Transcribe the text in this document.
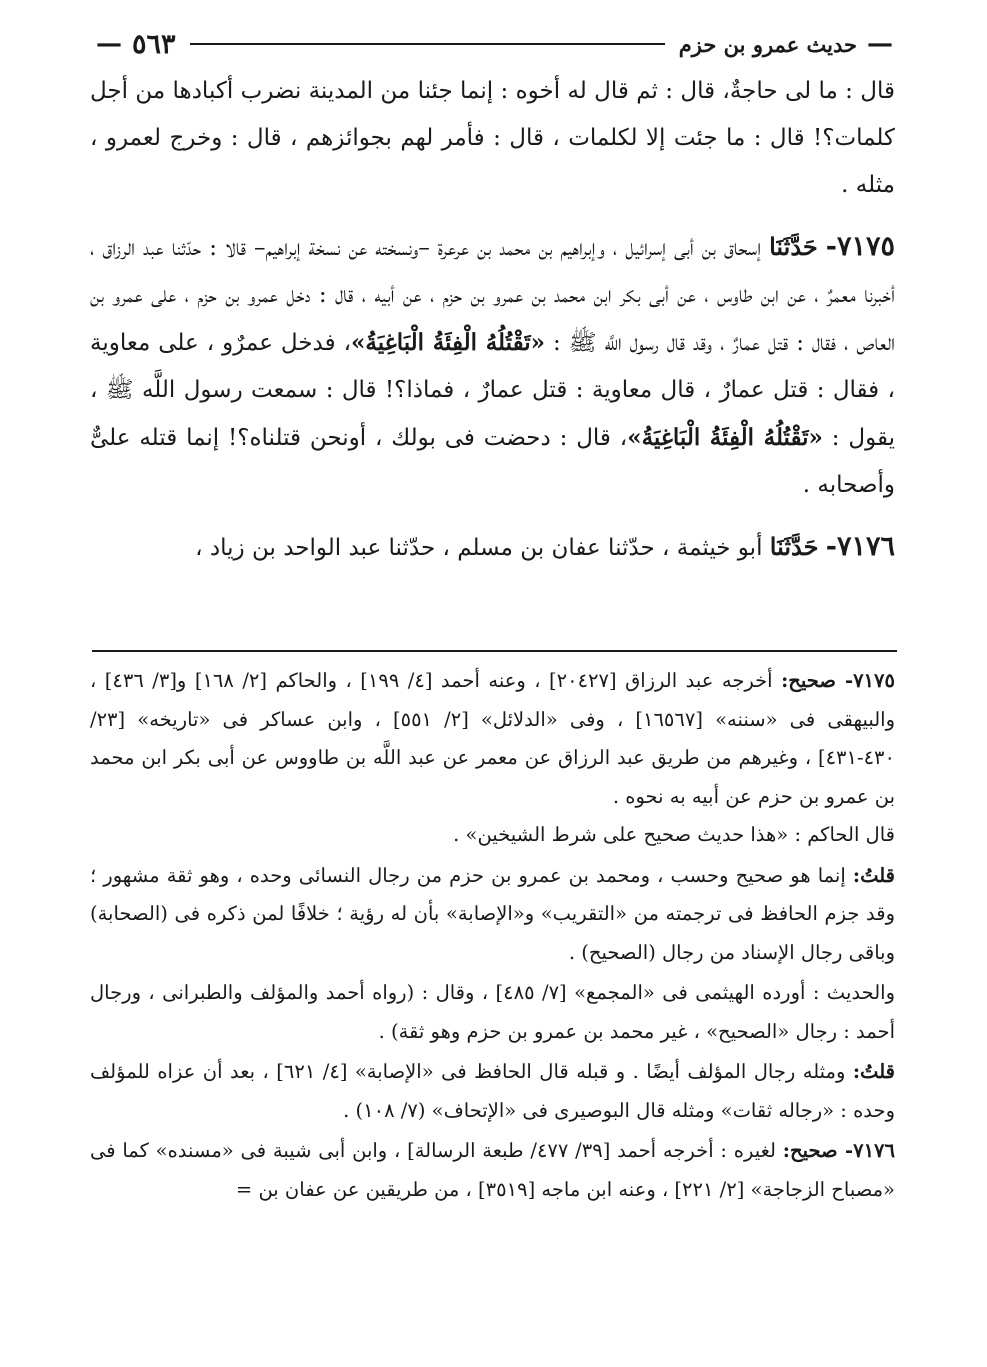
—
حديث عمرو بن حزم
٥٦٣
—

قال : ما لى حاجةٌ، قال : ثم قال له أخوه : إنما جئنا من المدينة نضرب أكبادها من أجل كلمات؟! قال : ما جئت إلا لكلمات ، قال : فأمر لهم بجوائزهم ، قال : وخرج لعمرو ، مثله .

٧١٧٥- حَدَّثَنَا إسحاق بن أبى إسرائيل ، وإبراهيم بن محمد بن عرعرة –ونسخته عن نسخة إبراهيم– قالا : حدّثنا عبد الرزاق ، أخبرنا معمرٌ ، عن ابن طاوس ، عن أبى بكر ابن محمد بن عمرو بن حزم ، عن أبيه ، قال : دخل عمرو بن حزم ، على عمرو بن العاص ، فقال : قتل عمارٌ ، وقد قال رسول اللَّه ﷺ : «تَقْتُلُهُ الْفِئَةُ الْبَاغِيَةُ»، فدخل عمرٌو ، على معاوية ، فقال : قتل عمارٌ ، قال معاوية : قتل عمارٌ ، فماذا؟! قال : سمعت رسول اللَّه ﷺ ، يقول : «تَقْتُلُهُ الْفِئَةُ الْبَاغِيَةُ»، قال : دحضت فى بولك ، أونحن قتلناه؟! إنما قتله علىٌّ وأصحابه .

٧١٧٦- حَدَّثَنَا أبو خيثمة ، حدّثنا عفان بن مسلم ، حدّثنا عبد الواحد بن زياد ،

٧١٧٥- صحيح: أخرجه عبد الرزاق [٢٠٤٢٧] ، وعنه أحمد [٤/ ١٩٩] ، والحاكم [٢/ ١٦٨] و[٣/ ٤٣٦] ، والبيهقى فى «سننه» [١٦٥٦٧] ، وفى «الدلائل» [٢/ ٥٥١] ، وابن عساكر فى «تاريخه» [٢٣/ ٤٣٠-٤٣١] ، وغيرهم من طريق عبد الرزاق عن معمر عن عبد اللَّه بن طاووس عن أبى بكر ابن محمد بن عمرو بن حزم عن أبيه به نحوه .

قال الحاكم : «هذا حديث صحيح على شرط الشيخين» .

قلتُ: إنما هو صحيح وحسب ، ومحمد بن عمرو بن حزم من رجال النسائى وحده ، وهو ثقة مشهور ؛ وقد جزم الحافظ فى ترجمته من «التقريب» و«الإصابة» بأن له رؤية ؛ خلافًا لمن ذكره فى (الصحابة) وباقى رجال الإسناد من رجال (الصحيح) .

والحديث : أورده الهيثمى فى «المجمع» [٧/ ٤٨٥] ، وقال : (رواه أحمد والمؤلف والطبرانى ، ورجال أحمد : رجال «الصحيح» ، غير محمد بن عمرو بن حزم وهو ثقة) .

قلتُ: ومثله رجال المؤلف أيضًا . و قبله قال الحافظ فى «الإصابة» [٤/ ٦٢١] ، بعد أن عزاه للمؤلف وحده : «رجاله ثقات» ومثله قال البوصيرى فى «الإتحاف» (٧/ ١٠٨) .

٧١٧٦- صحيح: لغيره : أخرجه أحمد [٣٩/ ٤٧٧/ طبعة الرسالة] ، وابن أبى شيبة فى «مسنده» كما فى «مصباح الزجاجة» [٢/ ٢٢١] ، وعنه ابن ماجه [٣٥١٩] ، من طريقين عن عفان بن =
